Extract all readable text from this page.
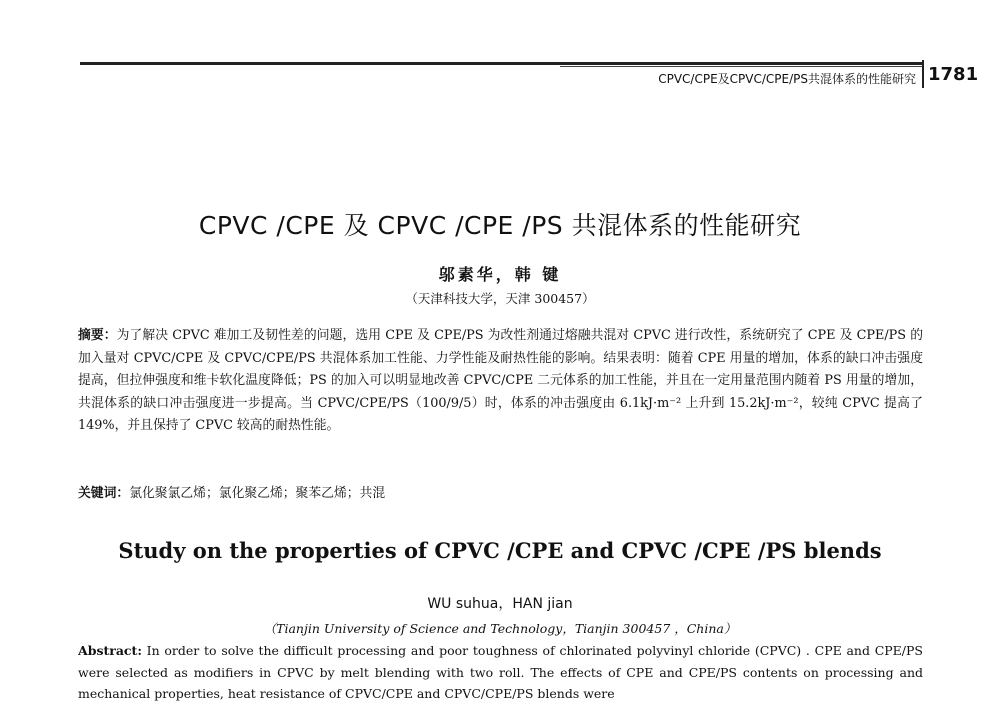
CPVC/CPE及CPVC/CPE/PS共混体系的性能研究 1781
CPVC /CPE 及 CPVC /CPE /PS 共混体系的性能研究
邬素华，韩 键
（天津科技大学，天津 300457）
摘要：为了解决 CPVC 难加工及韧性差的问题，选用 CPE 及 CPE/PS 为改性剂通过熔融共混对 CPVC 进行改性，系统研究了 CPE 及 CPE/PS 的加入量对 CPVC/CPE 及 CPVC/CPE/PS 共混体系加工性能、力学性能及耐热性能的影响。结果表明：随着 CPE 用量的增加，体系的缺口冲击强度提高，但拉伸强度和维卡软化温度降低；PS 的加入可以明显地改善 CPVC/CPE 二元体系的加工性能，并且在一定用量范围内随着 PS 用量的增加，共混体系的缺口冲击强度进一步提高。当 CPVC/CPE/PS（100/9/5）时，体系的冲击强度由 6.1kJ·m⁻² 上升到 15.2kJ·m⁻²，较纯 CPVC 提高了 149%，并且保持了 CPVC 较高的耐热性能。
关键词：氯化聚氯乙烯；氯化聚乙烯；聚苯乙烯；共混
Study on the properties of CPVC /CPE and CPVC /CPE /PS blends
WU suhua，HAN jian
（Tianjin University of Science and Technology，Tianjin 300457 ，China）
Abstract: In order to solve the difficult processing and poor toughness of chlorinated polyvinyl chloride (CPVC) . CPE and CPE/PS were selected as modifiers in CPVC by melt blending with two roll. The effects of CPE and CPE/PS contents on processing and mechanical properties, heat resistance of CPVC/CPE and CPVC/CPE/PS blends were
